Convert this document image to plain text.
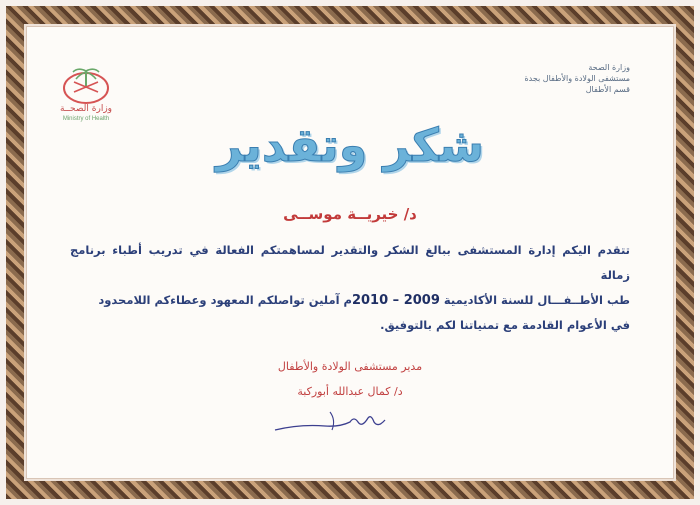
وزارة الصحــة
Ministry of Health
وزارة الصحة
مستشفى الولادة والأطفال بجدة
قسم الأطفال
شكر وتقدير
د/ خيريــة موســى

تتقدم اليكم إدارة المستشفى ببالغ الشكر والتقدير لمساهمتكم الفعالة في تدريب أطباء برنامج زمالة

طب الأطــفـــال للسنة الأكاديمية 2009 – 2010م آملين تواصلكم المعهود وعطاءكم اللامحدود

في الأعوام القادمة مع تمنياتنا لكم بالتوفيق.

مدير مستشفى الولادة والأطفال
د/ كمال عبدالله أبوركبة
